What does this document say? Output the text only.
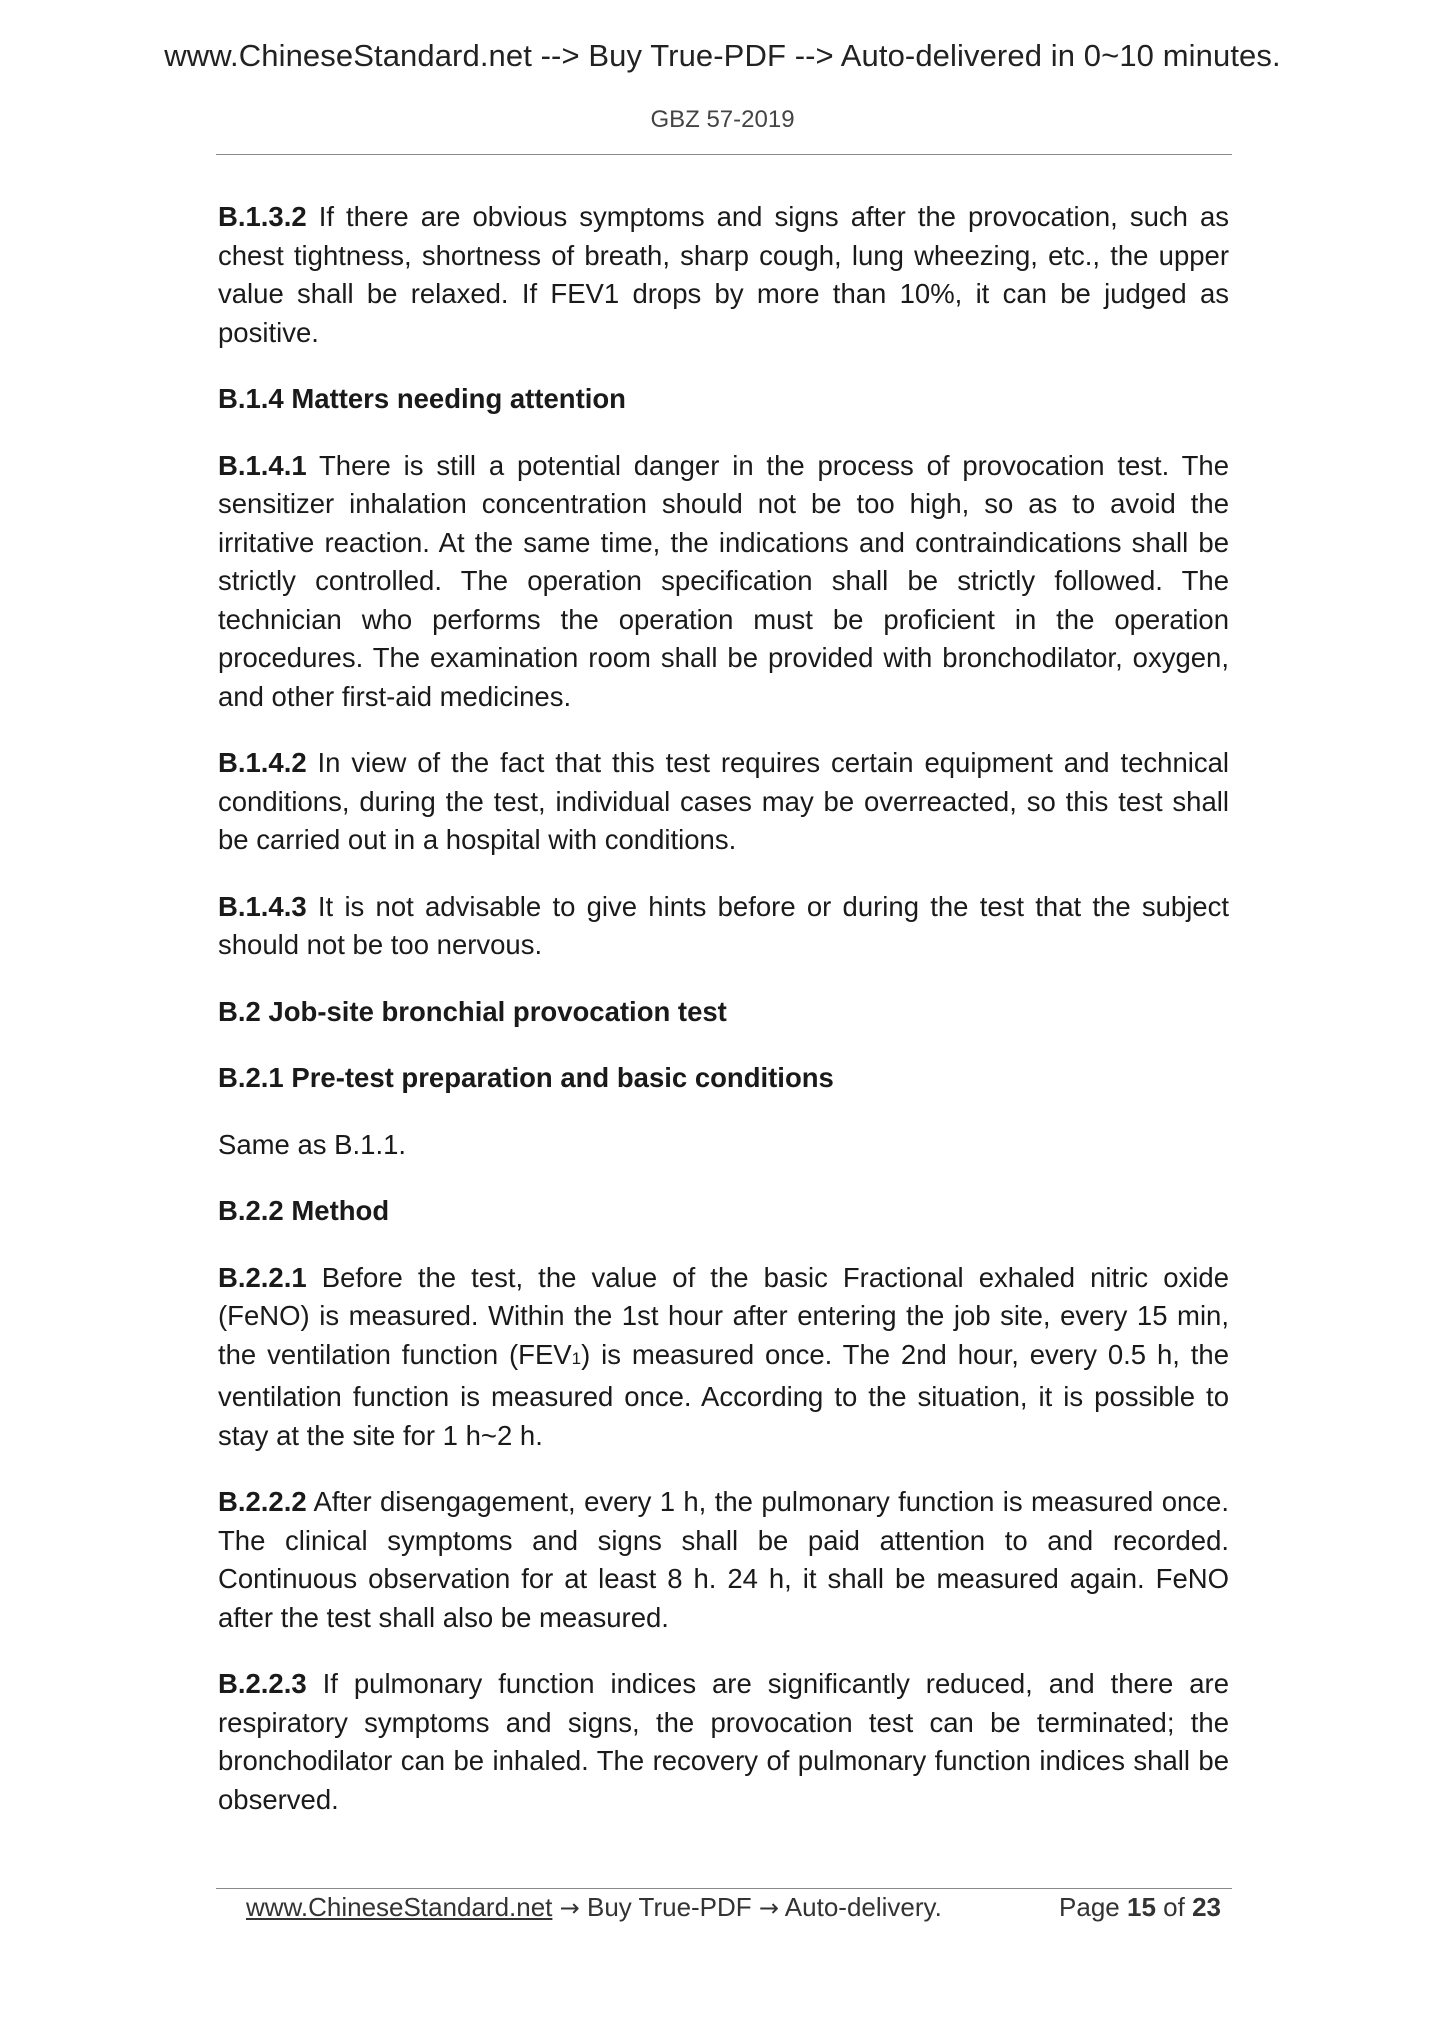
www.ChineseStandard.net --> Buy True-PDF --> Auto-delivered in 0~10 minutes.
GBZ 57-2019

B.1.3.2 If there are obvious symptoms and signs after the provocation, such as chest tightness, shortness of breath, sharp cough, lung wheezing, etc., the upper value shall be relaxed. If FEV1 drops by more than 10%, it can be judged as positive.

B.1.4 Matters needing attention

B.1.4.1 There is still a potential danger in the process of provocation test. The sensitizer inhalation concentration should not be too high, so as to avoid the irritative reaction. At the same time, the indications and contraindications shall be strictly controlled. The operation specification shall be strictly followed. The technician who performs the operation must be proficient in the operation procedures. The examination room shall be provided with bronchodilator, oxygen, and other first-aid medicines.

B.1.4.2 In view of the fact that this test requires certain equipment and technical conditions, during the test, individual cases may be overreacted, so this test shall be carried out in a hospital with conditions.

B.1.4.3 It is not advisable to give hints before or during the test that the subject should not be too nervous.

B.2 Job-site bronchial provocation test

B.2.1 Pre-test preparation and basic conditions

Same as B.1.1.

B.2.2 Method

B.2.2.1 Before the test, the value of the basic Fractional exhaled nitric oxide (FeNO) is measured. Within the 1st hour after entering the job site, every 15 min, the ventilation function (FEV1) is measured once. The 2nd hour, every 0.5 h, the ventilation function is measured once. According to the situation, it is possible to stay at the site for 1 h~2 h.

B.2.2.2 After disengagement, every 1 h, the pulmonary function is measured once. The clinical symptoms and signs shall be paid attention to and recorded. Continuous observation for at least 8 h. 24 h, it shall be measured again. FeNO after the test shall also be measured.

B.2.2.3 If pulmonary function indices are significantly reduced, and there are respiratory symptoms and signs, the provocation test can be terminated; the bronchodilator can be inhaled. The recovery of pulmonary function indices shall be observed.

www.ChineseStandard.net → Buy True-PDF → Auto-delivery.	Page 15 of 23
